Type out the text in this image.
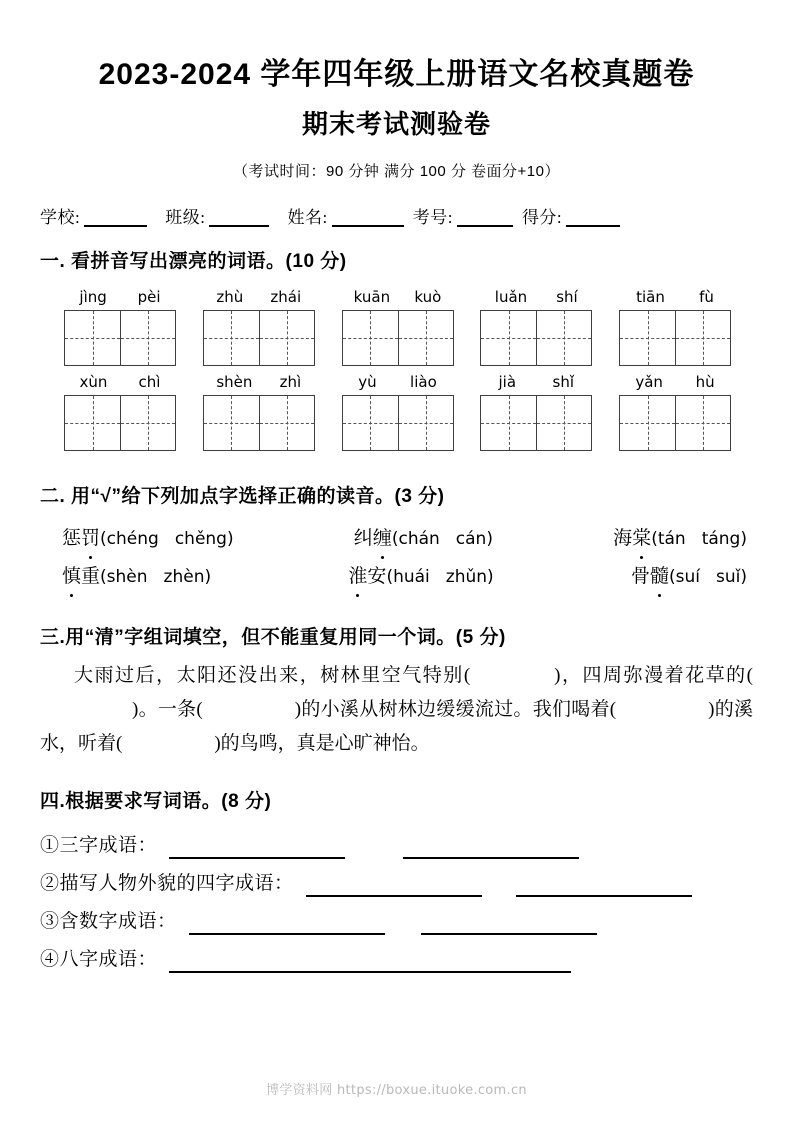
2023-2024 学年四年级上册语文名校真题卷
期末考试测验卷

（考试时间：90 分钟 满分 100 分 卷面分+10）

学校:	班级:	姓名:	考号:	得分:

一. 看拼音写出漂亮的词语。(10 分)

jìng pèi	zhù zhái	kuān kuò	luǎn shí	tiān fù
xùn chì	shèn zhì	yù liào	jià shǐ	yǎn hù

二. 用“√”给下列加点字选择正确的读音。(3 分)

惩罚(chéng chěng)	纠缠(chán cán)	海棠(tán táng)
慎重(shèn zhèn)	淮安(huái zhǔn)	骨髓(suí suǐ)

三.用“清”字组词填空，但不能重复用同一个词。(5 分)

大雨过后，太阳还没出来，树林里空气特别(	)，四周弥漫着花草的()。一条(	)的小溪从树林边缓缓流过。我们喝着(	)的溪水，听着(	)的鸟鸣，真是心旷神怡。

四.根据要求写词语。(8 分)

①三字成语：
②描写人物外貌的四字成语：
③含数字成语：
④八字成语：
博学资料网 https://boxue.ituoke.com.cn
